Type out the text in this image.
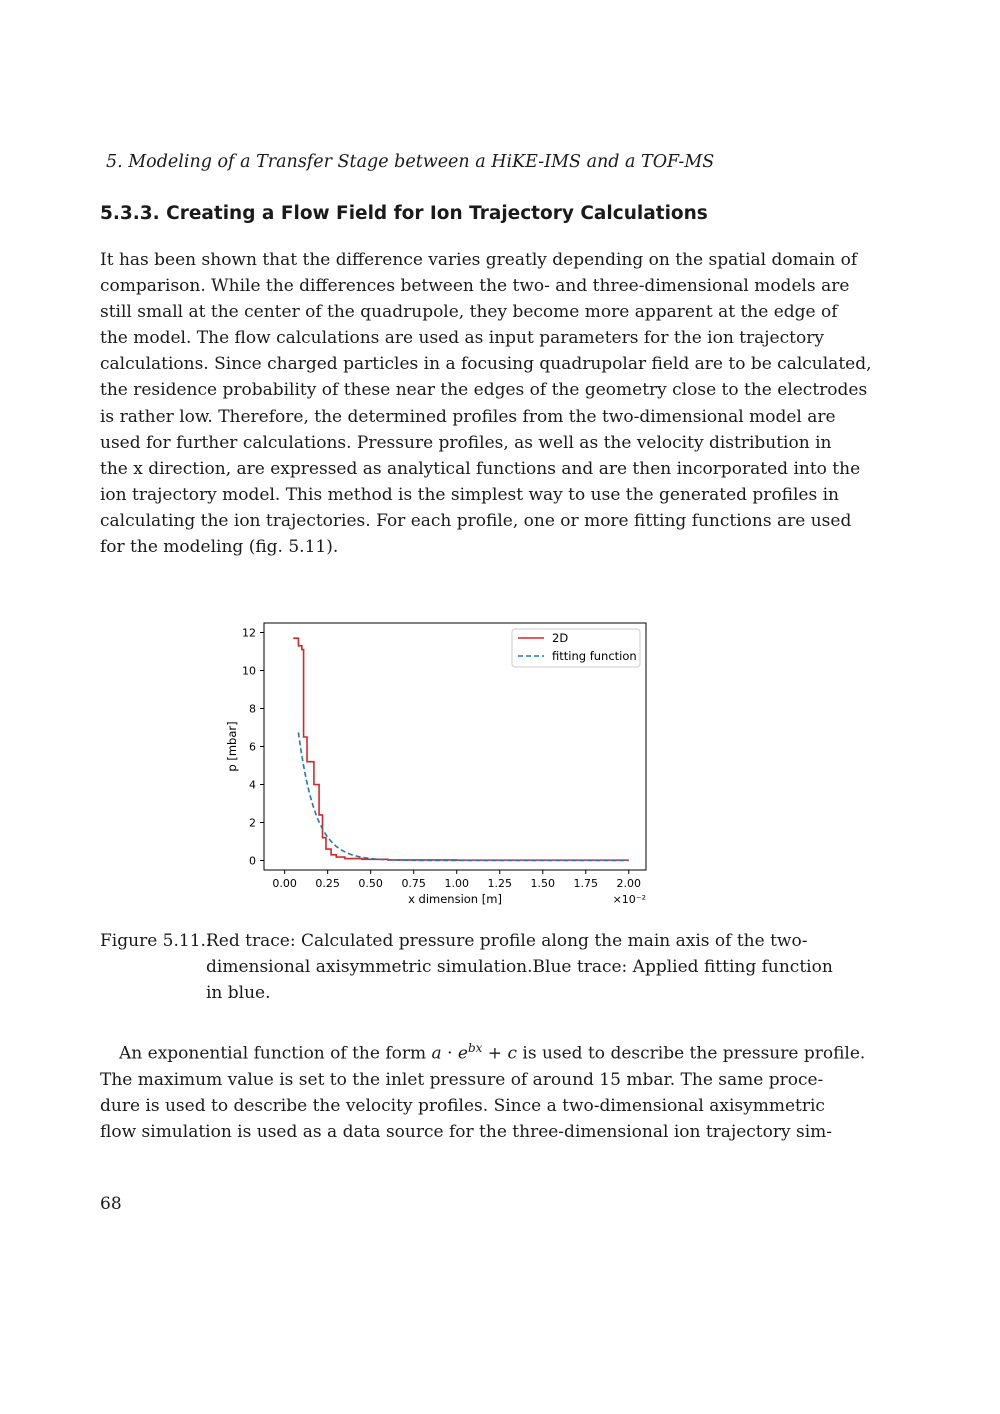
5. Modeling of a Transfer Stage between a HiKE-IMS and a TOF-MS
5.3.3. Creating a Flow Field for Ion Trajectory Calculations
It has been shown that the difference varies greatly depending on the spatial domain of
comparison. While the differences between the two- and three-dimensional models are
still small at the center of the quadrupole, they become more apparent at the edge of
the model. The flow calculations are used as input parameters for the ion trajectory
calculations. Since charged particles in a focusing quadrupolar field are to be calculated,
the residence probability of these near the edges of the geometry close to the electrodes
is rather low. Therefore, the determined profiles from the two-dimensional model are
used for further calculations. Pressure profiles, as well as the velocity distribution in
the x direction, are expressed as analytical functions and are then incorporated into the
ion trajectory model. This method is the simplest way to use the generated profiles in
calculating the ion trajectories. For each profile, one or more fitting functions are used
for the modeling (fig. 5.11).
0.00 0.25 0.50 0.75 1.00 1.25 1.50 1.75 2.00
0
2
4
6
8
10
12
x dimension [m]	×10⁻²
p [mbar]
2D
fitting function
Figure 5.11.:
Red trace: Calculated pressure profile along the main axis of the two-
dimensional axisymmetric simulation.Blue trace: Applied fitting function
in blue.
An exponential function of the form $a \cdot e^{bx} + c$ is used to describe the pressure profile.
The maximum value is set to the inlet pressure of around 15 mbar. The same proce-
dure is used to describe the velocity profiles. Since a two-dimensional axisymmetric
flow simulation is used as a data source for the three-dimensional ion trajectory sim-
68
